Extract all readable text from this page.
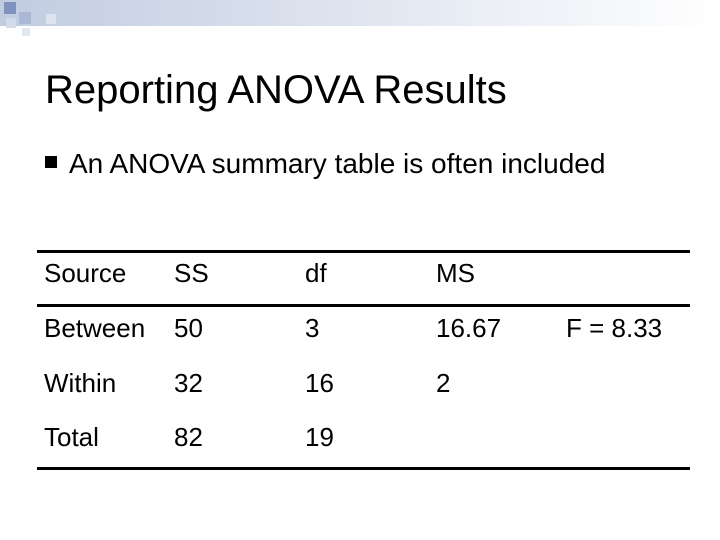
Reporting ANOVA Results
An ANOVA summary table is often included
Source SS	df	MS
Between 50	3	16.67 F = 8.33
Within 32	16	2
Total	82	19
